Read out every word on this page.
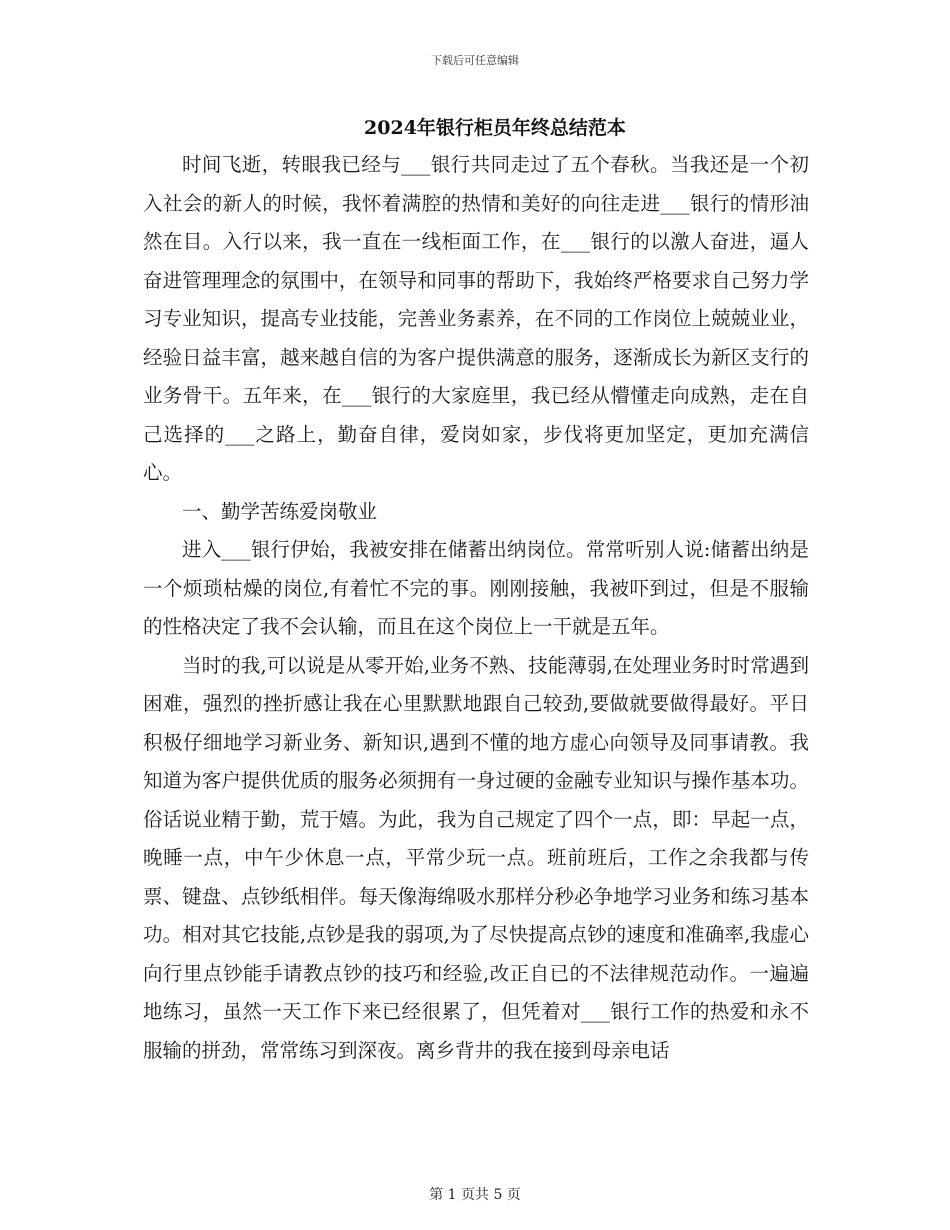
下载后可任意编辑
2024年银行柜员年终总结范本

时间飞逝，转眼我已经与___银行共同走过了五个春秋。当我还是一个初入社会的新人的时候，我怀着满腔的热情和美好的向往走进___银行的情形油然在目。入行以来，我一直在一线柜面工作，在___银行的以激人奋进，逼人奋进管理理念的氛围中，在领导和同事的帮助下，我始终严格要求自己努力学习专业知识，提高专业技能，完善业务素养，在不同的工作岗位上兢兢业业，经验日益丰富，越来越自信的为客户提供满意的服务，逐渐成长为新区支行的业务骨干。五年来，在___银行的大家庭里，我已经从懵懂走向成熟，走在自己选择的___之路上，勤奋自律，爱岗如家，步伐将更加坚定，更加充满信心。

一、勤学苦练爱岗敬业

进入___银行伊始，我被安排在储蓄出纳岗位。常常听别人说:储蓄出纳是一个烦琐枯燥的岗位,有着忙不完的事。刚刚接触，我被吓到过，但是不服输的性格决定了我不会认输，而且在这个岗位上一干就是五年。

当时的我,可以说是从零开始,业务不熟、技能薄弱,在处理业务时时常遇到困难，强烈的挫折感让我在心里默默地跟自己较劲,要做就要做得最好。平日积极仔细地学习新业务、新知识,遇到不懂的地方虚心向领导及同事请教。我知道为客户提供优质的服务必须拥有一身过硬的金融专业知识与操作基本功。俗话说业精于勤，荒于嬉。为此，我为自己规定了四个一点，即：早起一点，晚睡一点，中午少休息一点，平常少玩一点。班前班后，工作之余我都与传票、键盘、点钞纸相伴。每天像海绵吸水那样分秒必争地学习业务和练习基本功。相对其它技能,点钞是我的弱项,为了尽快提高点钞的速度和准确率,我虚心向行里点钞能手请教点钞的技巧和经验,改正自已的不法律规范动作。一遍遍地练习，虽然一天工作下来已经很累了，但凭着对___银行工作的热爱和永不服输的拼劲，常常练习到深夜。离乡背井的我在接到母亲电话

第 1 页共 5 页
